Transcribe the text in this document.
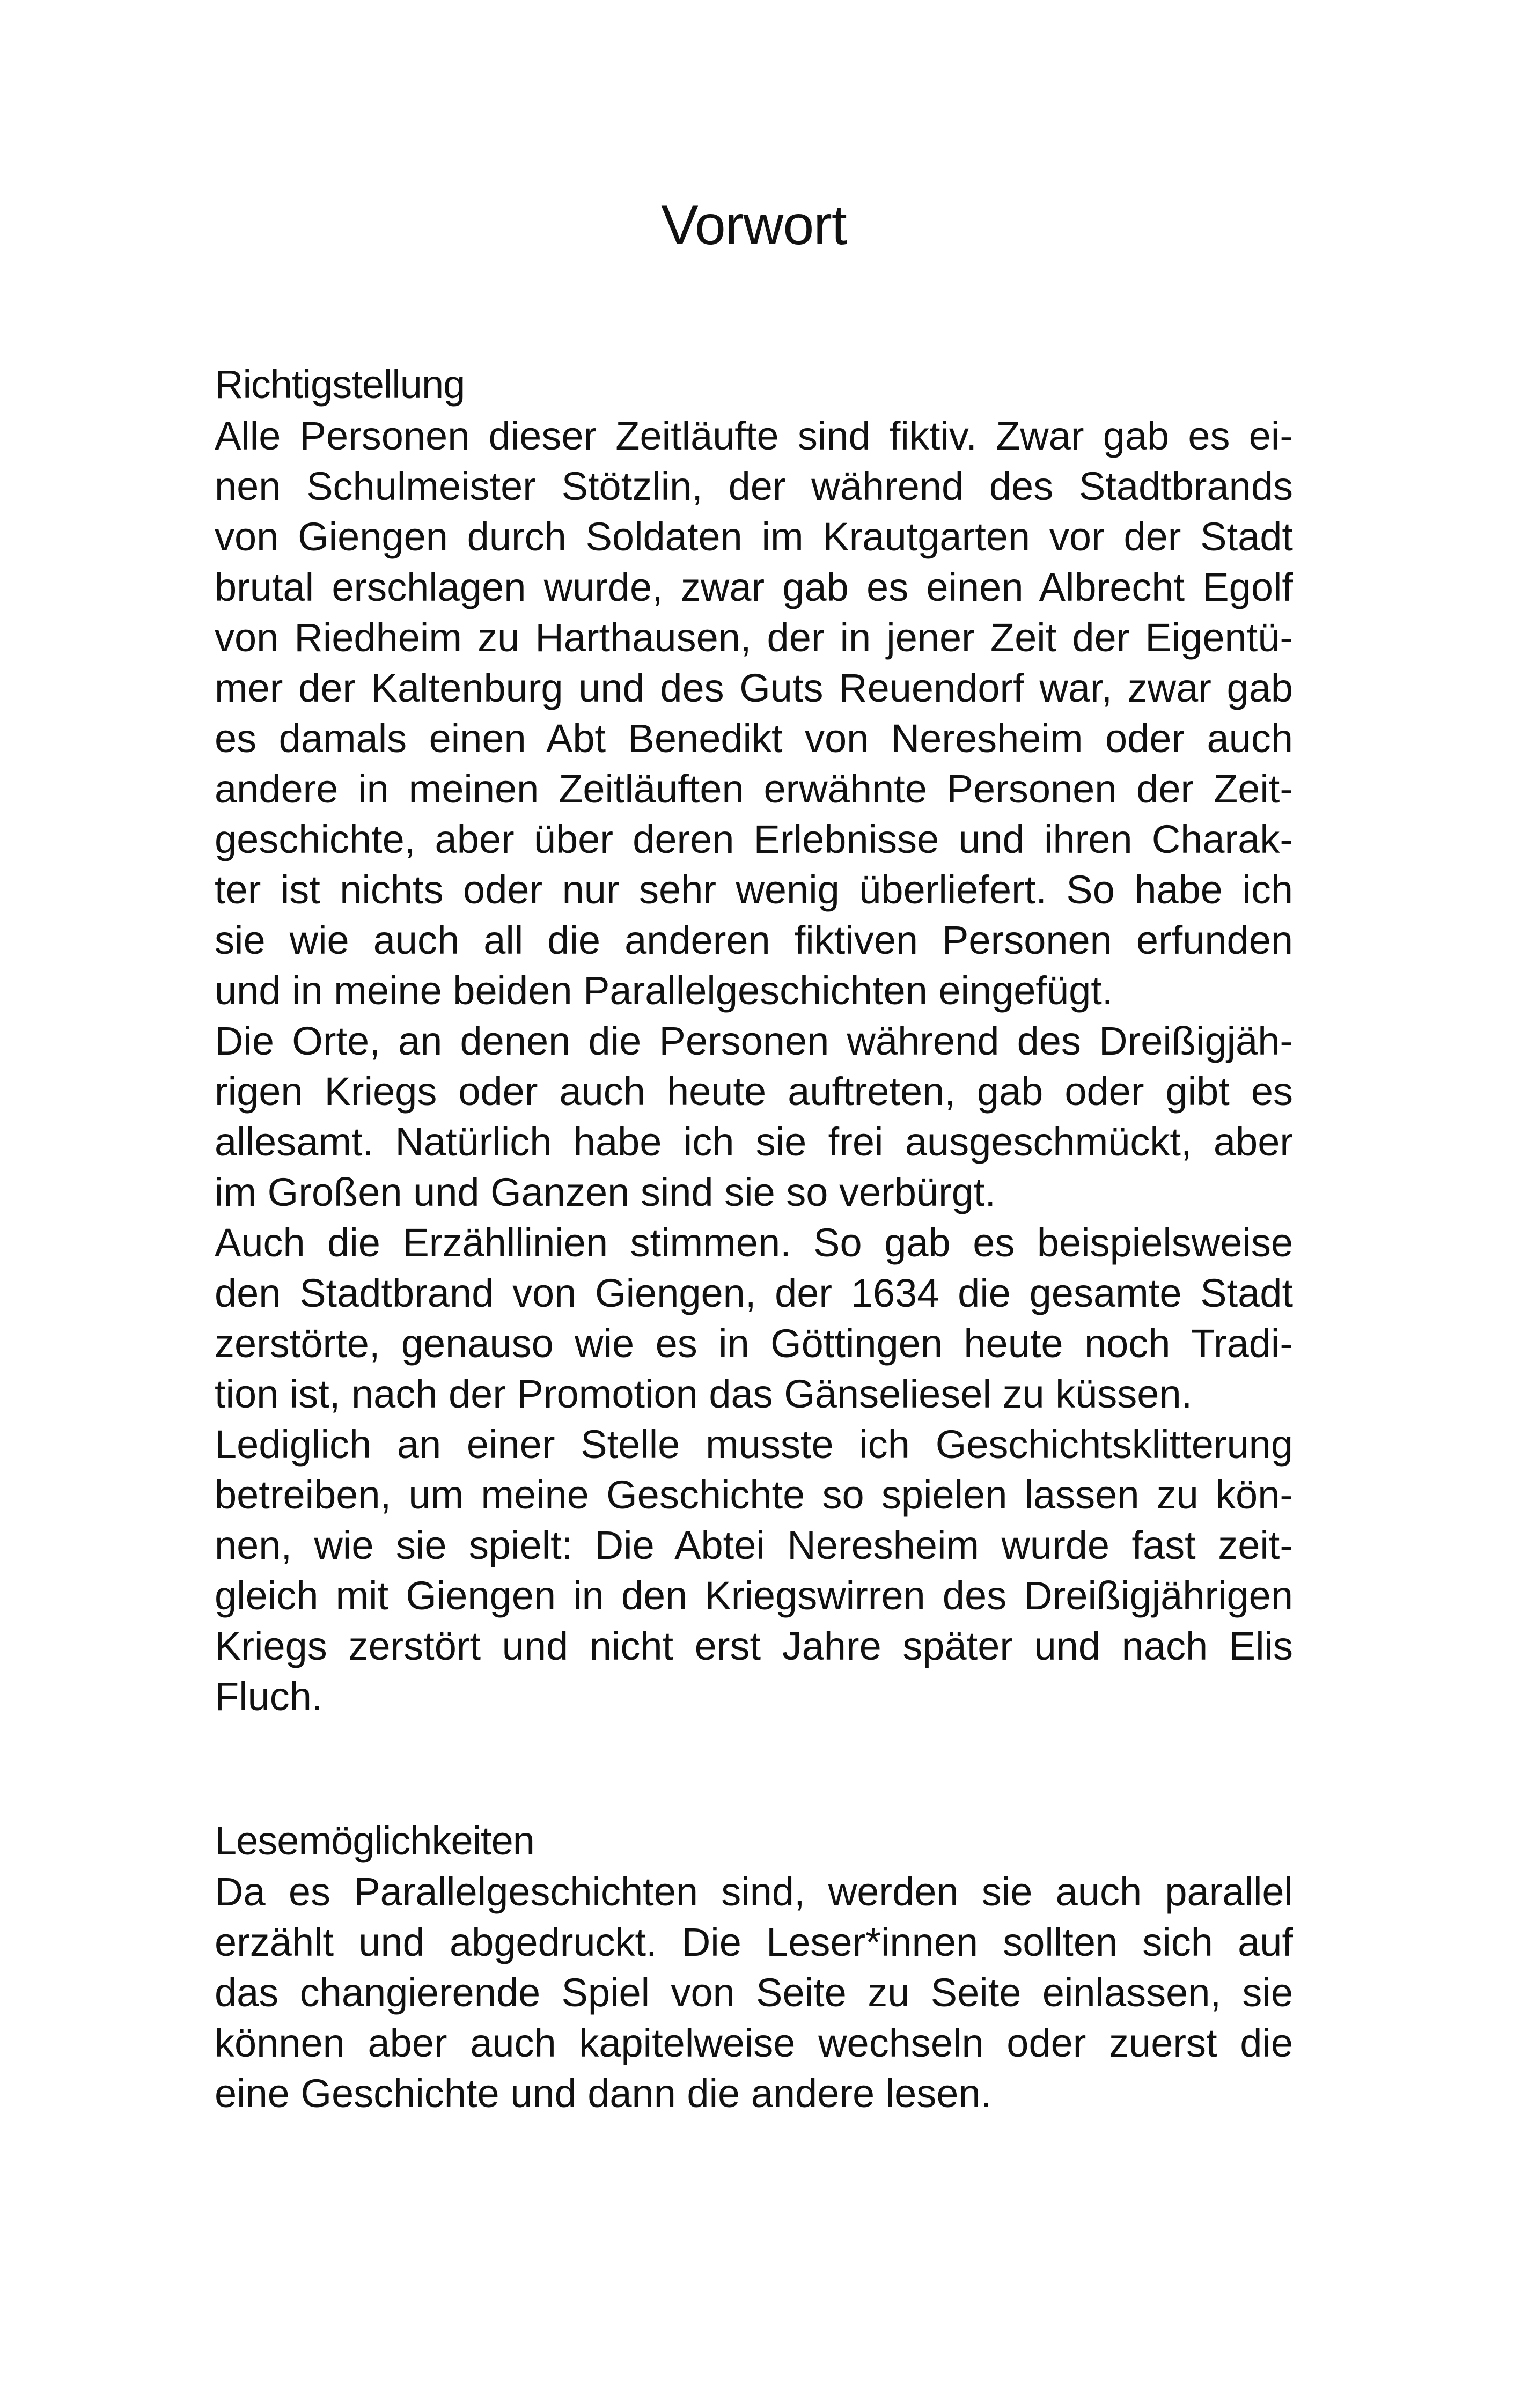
Vorwort
Richtigstellung
Alle Personen dieser Zeitläufte sind fiktiv. Zwar gab es ei-
nen Schulmeister Stötzlin, der während des Stadtbrands
von Giengen durch Soldaten im Krautgarten vor der Stadt
brutal erschlagen wurde, zwar gab es einen Albrecht Egolf
von Riedheim zu Harthausen, der in jener Zeit der Eigentü-
mer der Kaltenburg und des Guts Reuendorf war, zwar gab
es damals einen Abt Benedikt von Neresheim oder auch
andere in meinen Zeitläuften erwähnte Personen der Zeit-
geschichte, aber über deren Erlebnisse und ihren Charak-
ter ist nichts oder nur sehr wenig überliefert. So habe ich
sie wie auch all die anderen fiktiven Personen erfunden
und in meine beiden Parallelgeschichten eingefügt.
Die Orte, an denen die Personen während des Dreißigjäh-
rigen Kriegs oder auch heute auftreten, gab oder gibt es
allesamt. Natürlich habe ich sie frei ausgeschmückt, aber
im Großen und Ganzen sind sie so verbürgt.
Auch die Erzähllinien stimmen. So gab es beispielsweise
den Stadtbrand von Giengen, der 1634 die gesamte Stadt
zerstörte, genauso wie es in Göttingen heute noch Tradi-
tion ist, nach der Promotion das Gänseliesel zu küssen.
Lediglich an einer Stelle musste ich Geschichtsklitterung
betreiben, um meine Geschichte so spielen lassen zu kön-
nen, wie sie spielt: Die Abtei Neresheim wurde fast zeit-
gleich mit Giengen in den Kriegswirren des Dreißigjährigen
Kriegs zerstört und nicht erst Jahre später und nach Elis
Fluch.
Lesemöglichkeiten
Da es Parallelgeschichten sind, werden sie auch parallel
erzählt und abgedruckt. Die Leser*innen sollten sich auf
das changierende Spiel von Seite zu Seite einlassen, sie
können aber auch kapitelweise wechseln oder zuerst die
eine Geschichte und dann die andere lesen.
